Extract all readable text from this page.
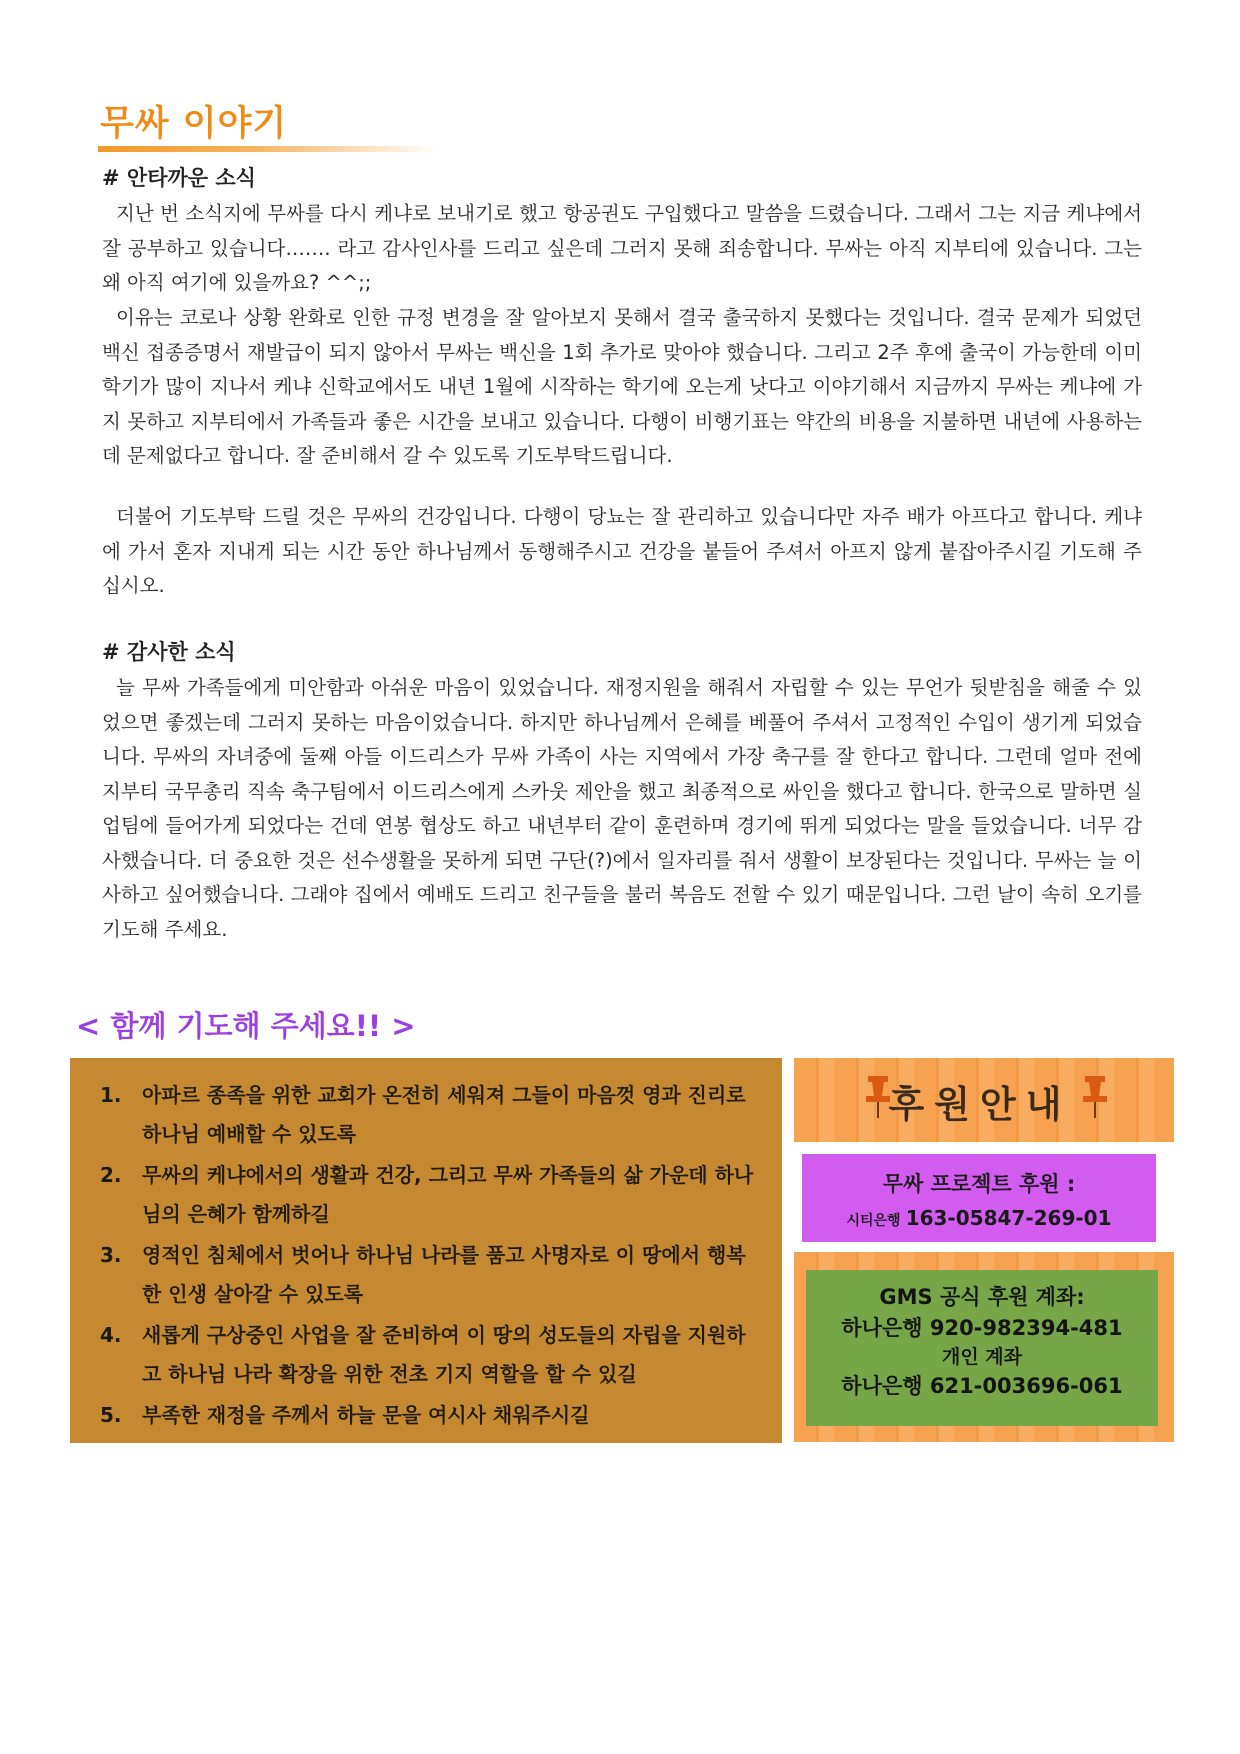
무싸 이야기
# 안타까운 소식
지난 번 소식지에 무싸를 다시 케냐로 보내기로 했고 항공권도 구입했다고 말씀을 드렸습니다. 그래서 그는 지금 케냐에서 잘 공부하고 있습니다……. 라고 감사인사를 드리고 싶은데 그러지 못해 죄송합니다. 무싸는 아직 지부티에 있습니다. 그는 왜 아직 여기에 있을까요? ^^;;
이유는 코로나 상황 완화로 인한 규정 변경을 잘 알아보지 못해서 결국 출국하지 못했다는 것입니다. 결국 문제가 되었던 백신 접종증명서 재발급이 되지 않아서 무싸는 백신을 1회 추가로 맞아야 했습니다. 그리고 2주 후에 출국이 가능한데 이미 학기가 많이 지나서 케냐 신학교에서도 내년 1월에 시작하는 학기에 오는게 낫다고 이야기해서 지금까지 무싸는 케냐에 가지 못하고 지부티에서 가족들과 좋은 시간을 보내고 있습니다. 다행이 비행기표는 약간의 비용을 지불하면 내년에 사용하는데 문제없다고 합니다. 잘 준비해서 갈 수 있도록 기도부탁드립니다.
더불어 기도부탁 드릴 것은 무싸의 건강입니다. 다행이 당뇨는 잘 관리하고 있습니다만 자주 배가 아프다고 합니다. 케냐에 가서 혼자 지내게 되는 시간 동안 하나님께서 동행해주시고 건강을 붙들어 주셔서 아프지 않게 붙잡아주시길 기도해 주십시오.
# 감사한 소식
늘 무싸 가족들에게 미안함과 아쉬운 마음이 있었습니다. 재정지원을 해줘서 자립할 수 있는 무언가 뒷받침을 해줄 수 있었으면 좋겠는데 그러지 못하는 마음이었습니다. 하지만 하나님께서 은혜를 베풀어 주셔서 고정적인 수입이 생기게 되었습니다. 무싸의 자녀중에 둘째 아들 이드리스가 무싸 가족이 사는 지역에서 가장 축구를 잘 한다고 합니다. 그런데 얼마 전에 지부티 국무총리 직속 축구팀에서 이드리스에게 스카웃 제안을 했고 최종적으로 싸인을 했다고 합니다. 한국으로 말하면 실업팀에 들어가게 되었다는 건데 연봉 협상도 하고 내년부터 같이 훈련하며 경기에 뛰게 되었다는 말을 들었습니다. 너무 감사했습니다. 더 중요한 것은 선수생활을 못하게 되면 구단(?)에서 일자리를 줘서 생활이 보장된다는 것입니다. 무싸는 늘 이사하고 싶어했습니다. 그래야 집에서 예배도 드리고 친구들을 불러 복음도 전할 수 있기 때문입니다. 그런 날이 속히 오기를 기도해 주세요.
< 함께 기도해 주세요!! >
1.	아파르 종족을 위한 교회가 온전히 세워져 그들이 마음껏 영과 진리로 하나님 예배할 수 있도록
2.	무싸의 케냐에서의 생활과 건강, 그리고 무싸 가족들의 삶 가운데 하나님의 은혜가 함께하길
3.	영적인 침체에서 벗어나 하나님 나라를 품고 사명자로 이 땅에서 행복한 인생 살아갈 수 있도록
4.	새롭게 구상중인 사업을 잘 준비하여 이 땅의 성도들의 자립을 지원하고 하나님 나라 확장을 위한 전초 기지 역할을 할 수 있길
5.	부족한 재정을 주께서 하늘 문을 여시사 채워주시길
후원안내
무싸 프로젝트 후원 :
시티은행 163-05847-269-01
GMS 공식 후원 계좌:
하나은행 920-982394-481
개인 계좌
하나은행 621-003696-061
